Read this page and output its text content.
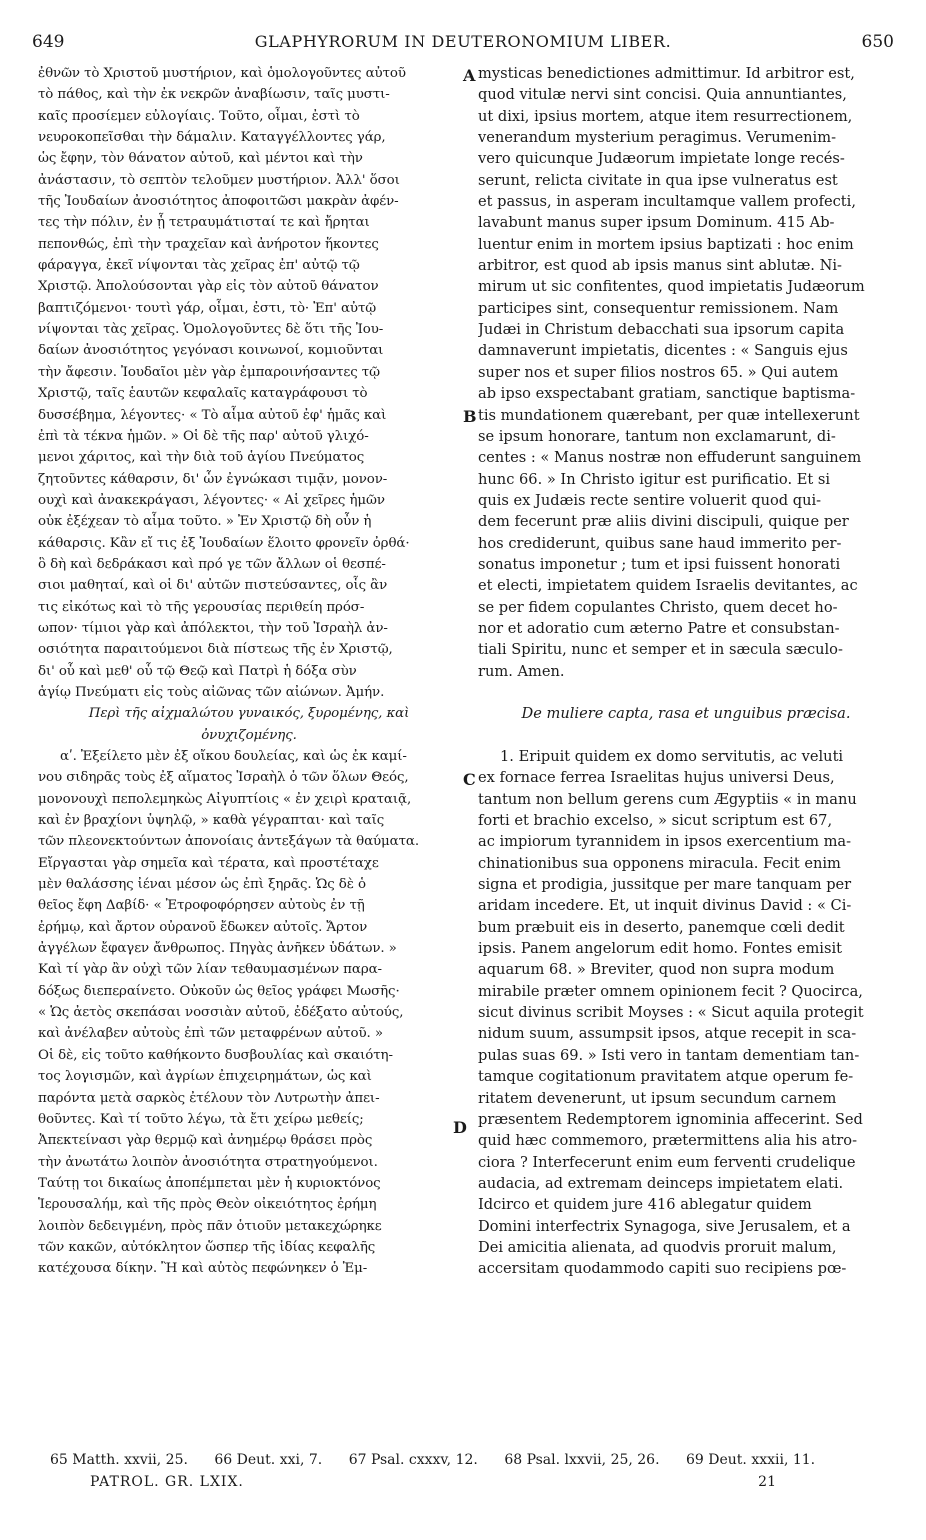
649	GLAPHYRORUM IN DEUTERONOMIUM LIBER.	650
ἐθνῶν τὸ Χριστοῦ μυστήριον, καὶ ὁμολογοῦντες αὐτοῦ
τὸ πάθος, καὶ τὴν ἐκ νεκρῶν ἀναβίωσιν, ταῖς μυστι-
καῖς προσίεμεν εὐλογίαις. Τοῦτο, οἶμαι, ἐστὶ τὸ
νευροκοπεῖσθαι τὴν δάμαλιν. Καταγγέλλοντες γάρ,
ὡς ἔφην, τὸν θάνατον αὐτοῦ, καὶ μέντοι καὶ τὴν
ἀνάστασιν, τὸ σεπτὸν τελοῦμεν μυστήριον. Ἀλλ' ὅσοι
τῆς Ἰουδαίων ἀνοσιότητος ἀποφοιτῶσι μακρὰν ἀφέν-
τες τὴν πόλιν, ἐν ᾗ τετραυμάτισταί τε καὶ ἤρηται
πεπονθώς, ἐπὶ τὴν τραχεῖαν καὶ ἀνήροτον ἥκοντες
φάραγγα, ἐκεῖ νίψονται τὰς χεῖρας ἐπ' αὐτῷ τῷ
Χριστῷ. Ἀπολούσονται γὰρ εἰς τὸν αὐτοῦ θάνατον
βαπτιζόμενοι· τουτὶ γάρ, οἶμαι, ἐστι, τὸ· Ἐπ' αὐτῷ
νίψονται τὰς χεῖρας. Ὁμολογοῦντες δὲ ὅτι τῆς Ἰου-
δαίων ἀνοσιότητος γεγόνασι κοινωνοί, κομιοῦνται
τὴν ἄφεσιν. Ἰουδαῖοι μὲν γὰρ ἐμπαροινήσαντες τῷ
Χριστῷ, ταῖς ἑαυτῶν κεφαλαῖς καταγράφουσι τὸ
δυσσέβημα, λέγοντες· « Τὸ αἷμα αὐτοῦ ἐφ' ἡμᾶς καὶ
ἐπὶ τὰ τέκνα ἡμῶν. » Οἱ δὲ τῆς παρ' αὐτοῦ γλιχό-
μενοι χάριτος, καὶ τὴν διὰ τοῦ ἁγίου Πνεύματος
ζητοῦντες κάθαρσιν, δι' ὧν ἐγνώκασι τιμᾷν, μονον-
ουχὶ καὶ ἀνακεκράγασι, λέγοντες· « Αἱ χεῖρες ἡμῶν
οὐκ ἐξέχεαν τὸ αἷμα τοῦτο. » Ἐν Χριστῷ δὴ οὖν ἡ
κάθαρσις. Κἂν εἴ τις ἐξ Ἰουδαίων ἕλοιτο φρονεῖν ὀρθά·
ὃ δὴ καὶ δεδράκασι καὶ πρό γε τῶν ἄλλων οἱ θεσπέ-
σιοι μαθηταί, καὶ οἱ δι' αὐτῶν πιστεύσαντες, οἷς ἂν
τις εἰκότως καὶ τὸ τῆς γερουσίας περιθείη πρόσ-
ωπον· τίμιοι γὰρ καὶ ἀπόλεκτοι, τὴν τοῦ Ἰσραὴλ ἀν-
οσιότητα παραιτούμενοι διὰ πίστεως τῆς ἐν Χριστῷ,
δι' οὗ καὶ μεθ' οὗ τῷ Θεῷ καὶ Πατρὶ ἡ δόξα σὺν
ἁγίῳ Πνεύματι εἰς τοὺς αἰῶνας τῶν αἰώνων. Ἀμήν.
Περὶ τῆς αἰχμαλώτου γυναικός, ξυρομένης, καὶ
ὀνυχιζομένης.
αʹ. Ἐξείλετο μὲν ἐξ οἴκου δουλείας, καὶ ὡς ἐκ καμί-
νου σιδηρᾶς τοὺς ἐξ αἵματος Ἰσραὴλ ὁ τῶν ὅλων Θεός,
μονονουχὶ πεπολεμηκὼς Αἰγυπτίοις « ἐν χειρὶ κραταιᾷ,
καὶ ἐν βραχίονι ὑψηλῷ, » καθὰ γέγραπται· καὶ ταῖς
τῶν πλεονεκτούντων ἀπονοίαις ἀντεξάγων τὰ θαύματα.
Εἴργασται γὰρ σημεῖα καὶ τέρατα, καὶ προστέταχε
μὲν θαλάσσης ἰέναι μέσον ὡς ἐπὶ ξηρᾶς. Ὡς δὲ ὁ
θεῖος ἔφη Δαβίδ· « Ἐτροφοφόρησεν αὐτοὺς ἐν τῇ
ἐρήμῳ, καὶ ἄρτον οὐρανοῦ ἔδωκεν αὐτοῖς. Ἄρτον
ἀγγέλων ἔφαγεν ἄνθρωπος. Πηγὰς ἀνῆκεν ὑδάτων. »
Καὶ τί γὰρ ἂν οὐχὶ τῶν λίαν τεθαυμασμένων παρα-
δόξως διεπεραίνετο. Οὐκοῦν ὡς θεῖος γράφει Μωσῆς·
« Ὡς ἀετὸς σκεπάσαι νοσσιὰν αὐτοῦ, ἐδέξατο αὐτούς,
καὶ ἀνέλαβεν αὐτοὺς ἐπὶ τῶν μεταφρένων αὐτοῦ. »
Οἱ δὲ, εἰς τοῦτο καθήκοντο δυσβουλίας καὶ σκαιότη-
τος λογισμῶν, καὶ ἀγρίων ἐπιχειρημάτων, ὡς καὶ
παρόντα μετὰ σαρκὸς ἐτέλουν τὸν Λυτρωτὴν ἀπει-
θοῦντες. Καὶ τί τοῦτο λέγω, τὰ ἔτι χείρω μεθείς;
Ἀπεκτείνασι γὰρ θερμῷ καὶ ἀνημέρῳ θράσει πρὸς
τὴν ἀνωτάτω λοιπὸν ἀνοσιότητα στρατηγούμενοι.
Ταύτῃ τοι δικαίως ἀποπέμπεται μὲν ἡ κυριοκτόνος
Ἱερουσαλήμ, καὶ τῆς πρὸς Θεὸν οἰκειότητος ἐρήμη
λοιπὸν δεδειγμένη, πρὸς πᾶν ὁτιοῦν μετακεχώρηκε
τῶν κακῶν, αὐτόκλητον ὥσπερ τῆς ἰδίας κεφαλῆς
κατέχουσα δίκην. Ἢ καὶ αὐτὸς πεφώνηκεν ὁ Ἐμ-
mysticas benedictiones admittimur. Id arbitror est,
quod vitulæ nervi sint concisi. Quia annuntiantes,
ut dixi, ipsius mortem, atque item resurrectionem,
venerandum mysterium peragimus. Verumenim-
vero quicunque Judæorum impietate longe recés-
serunt, relicta civitate in qua ipse vulneratus est
et passus, in asperam incultamque vallem profecti,
lavabunt manus super ipsum Dominum. 415 Ab-
luentur enim in mortem ipsius baptizati : hoc enim
arbitror, est quod ab ipsis manus sint ablutæ. Ni-
mirum ut sic confitentes, quod impietatis Judæorum
participes sint, consequentur remissionem. Nam
Judæi in Christum debacchati sua ipsorum capita
damnaverunt impietatis, dicentes : « Sanguis ejus
super nos et super filios nostros 65. » Qui autem
ab ipso exspectabant gratiam, sanctique baptisma-
tis mundationem quærebant, per quæ intellexerunt
se ipsum honorare, tantum non exclamarunt, di-
centes : « Manus nostræ non effuderunt sanguinem
hunc 66. » In Christo igitur est purificatio. Et si
quis ex Judæis recte sentire voluerit quod qui-
dem fecerunt præ aliis divini discipuli, quique per
hos crediderunt, quibus sane haud immerito per-
sonatus imponetur ; tum et ipsi fuissent honorati
et electi, impietatem quidem Israelis devitantes, ac
se per fidem copulantes Christo, quem decet ho-
nor et adoratio cum æterno Patre et consubstan-
tiali Spiritu, nunc et semper et in sæcula sæculo-
rum. Amen.
De muliere capta, rasa et unguibus præcisa.
1. Eripuit quidem ex domo servitutis, ac veluti
ex fornace ferrea Israelitas hujus universi Deus,
tantum non bellum gerens cum Ægyptiis « in manu
forti et brachio excelso, » sicut scriptum est 67,
ac impiorum tyrannidem in ipsos exercentium ma-
chinationibus sua opponens miracula. Fecit enim
signa et prodigia, jussitque per mare tanquam per
aridam incedere. Et, ut inquit divinus David : « Ci-
bum præbuit eis in deserto, panemque cœli dedit
ipsis. Panem angelorum edit homo. Fontes emisit
aquarum 68. » Breviter, quod non supra modum
mirabile præter omnem opinionem fecit ? Quocirca,
sicut divinus scribit Moyses : « Sicut aquila protegit
nidum suum, assumpsit ipsos, atque recepit in sca-
pulas suas 69. » Isti vero in tantam dementiam tan-
tamque cogitationum pravitatem atque operum fe-
ritatem devenerunt, ut ipsum secundum carnem
præsentem Redemptorem ignominia affecerint. Sed
quid hæc commemoro, prætermittens alia his atro-
ciora ? Interfecerunt enim eum ferventi crudelique
audacia, ad extremam deinceps impietatem elati.
Idcirco et quidem jure 416 ablegatur quidem
Domini interfectrix Synagoga, sive Jerusalem, et a
Dei amicitia alienata, ad quodvis proruit malum,
accersitam quodammodo capiti suo recipiens pœ-
A
B
C
D
65 Matth. xxvii, 25. 66 Deut. xxi, 7. 67 Psal. cxxxv, 12. 68 Psal. lxxvii, 25, 26. 69 Deut. xxxii, 11.
PATROL. GR. LXIX.	21
